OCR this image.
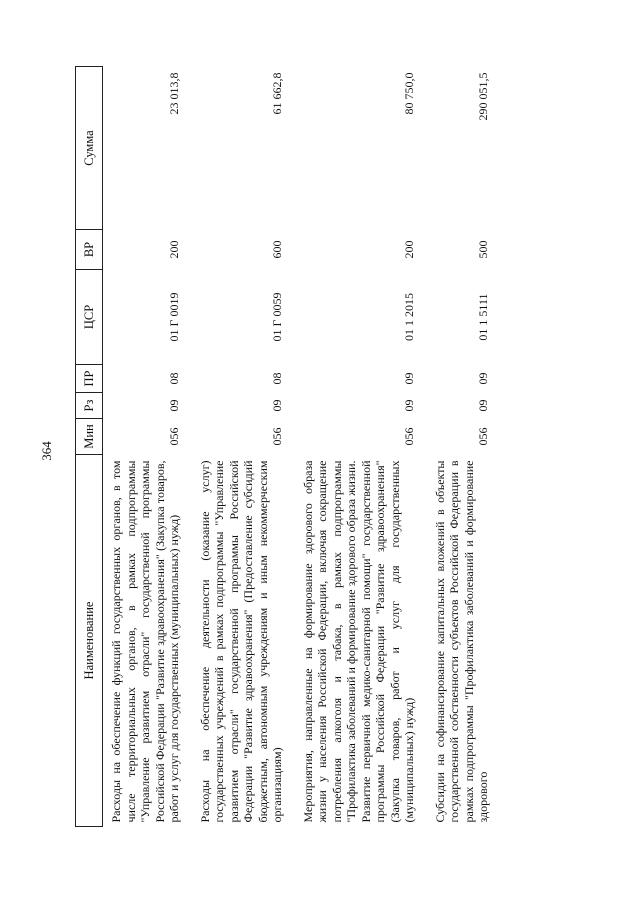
364
Наименование	Мин	Рз	ПР	ЦСР	ВР	Сумма
Расходы на обеспечение функций государственных органов, в том числе территориальных органов, в рамках подпрограммы "Управление развитием отрасли" государственной программы Российской Федерации "Развитие здравоохранения" (Закупка товаров, работ и услуг для государственных (муниципальных) нужд)	056	09	08	01 Г 0019	200	23 013,8
Расходы на обеспечение деятельности (оказание услуг) государственных учреждений в рамках подпрограммы "Управление развитием отрасли" государственной программы Российской Федерации "Развитие здравоохранения" (Предоставление субсидий бюджетным, автономным учреждениям и иным некоммерческим организациям)	056	09	08	01 Г 0059	600	61 662,8
Мероприятия, направленные на формирование здорового образа жизни у населения Российской Федерации, включая сокращение потребления алкоголя и табака, в рамках подпрограммы "Профилактика заболеваний и формирование здорового образа жизни. Развитие первичной медико-санитарной помощи" государственной программы Российской Федерации "Развитие здравоохранения" (Закупка товаров, работ и услуг для государственных (муниципальных) нужд)	056	09	09	01 1 2015	200	80 750,0
Субсидии на софинансирование капитальных вложений в объекты государственной собственности субъектов Российской Федерации в рамках подпрограммы "Профилактика заболеваний и формирование здорового	056	09	09	01 1 5111	500	290 051,5
